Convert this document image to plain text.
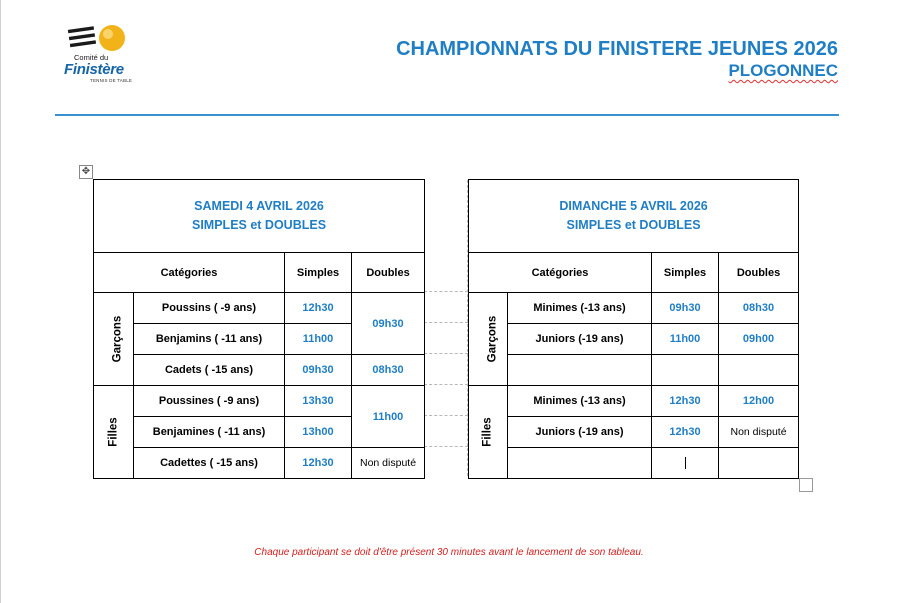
Comité du
Finistère
TENNIS DE TABLE
CHAMPIONNATS DU FINISTERE JEUNES 2026
PLOGONNEC
✥
SAMEDI 4 AVRIL 2026
SIMPLES et DOUBLES			

Catégories		Simples	Doubles
Garçons	Poussins ( -9 ans)	12h30	09h30
	Benjamins ( -11 ans)	11h00	
	Cadets ( -15 ans)	09h30	08h30
Filles	Poussines ( -9 ans)	13h30	11h00
	Benjamines ( -11 ans)	13h00	
	Cadettes ( -15 ans)	12h30	Non disputé
DIMANCHE 5 AVRIL 2026
SIMPLES et DOUBLES			

Catégories		Simples	Doubles
Garçons	Minimes (-13 ans)	09h30	08h30
	Juniors (-19 ans)	11h00	09h00

Filles	Minimes (-13 ans)	12h30	12h00
	Juniors (-19 ans)	12h30	Non disputé

Chaque participant se doit d'être présent 30 minutes avant le lancement de son tableau.
